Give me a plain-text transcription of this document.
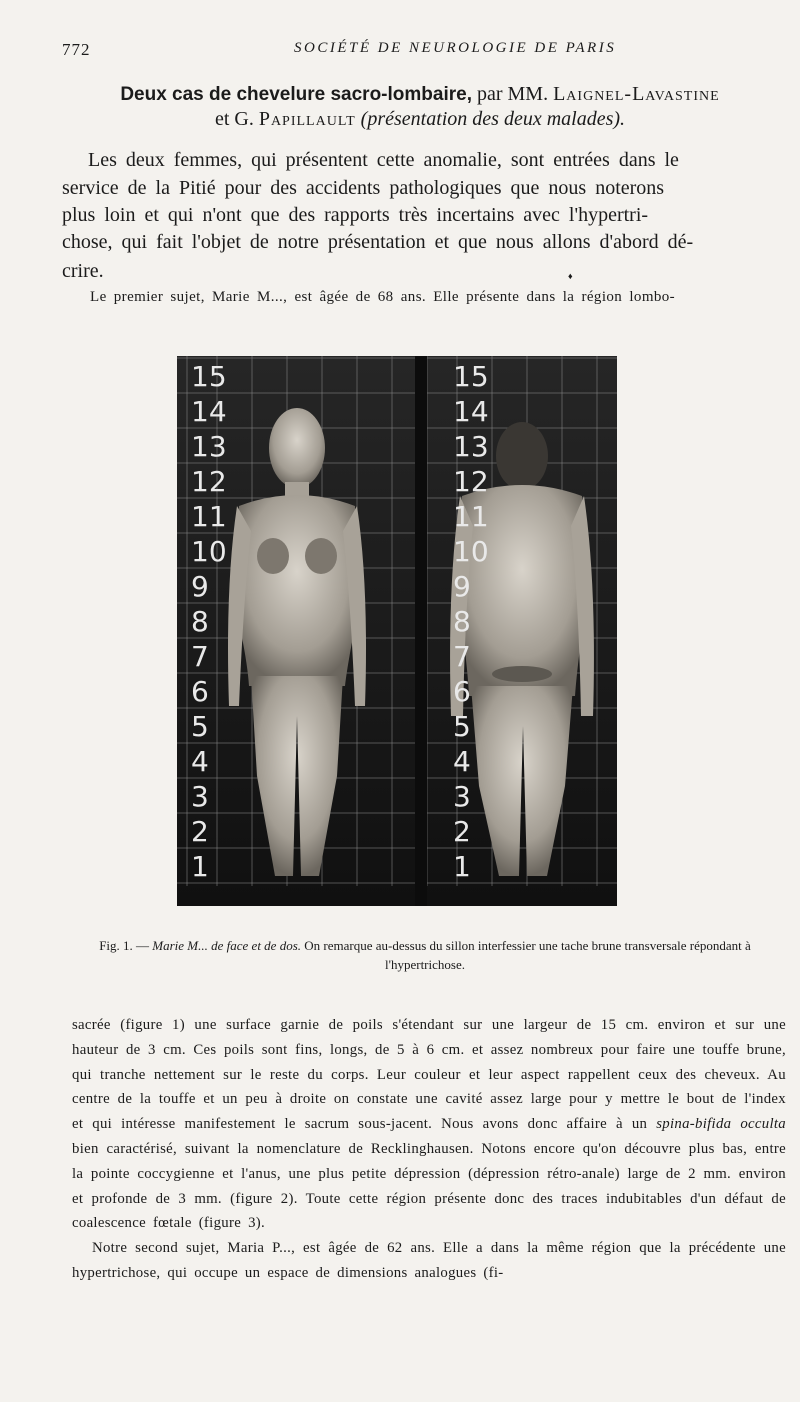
772	SOCIÉTÉ DE NEUROLOGIE DE PARIS
Deux cas de chevelure sacro-lombaire, par MM. Laignel-Lavastine
et G. Papillault (présentation des deux malades).
Les deux femmes, qui présentent cette anomalie, sont entrées dans le
service de la Pitié pour des accidents pathologiques que nous noterons
plus loin et qui n'ont que des rapports très incertains avec l'hypertri-
chose, qui fait l'objet de notre présentation et que nous allons d'abord dé-
crire.	♦
Le premier sujet, Marie M..., est âgée de 68 ans. Elle présente dans la région lombo-
15
14
13
12
11
10
9
8
7
6
5
4
3
2
1
15
14
13
12
11
10
9
8
7
6
5
4
3
2
1
Fig. 1. — Marie M... de face et de dos. On remarque au-dessus du sillon interfessier une tache brune transversale répondant à l'hypertrichose.

sacrée (figure 1) une surface garnie de poils s'étendant sur une largeur de 15 cm. environ et sur une hauteur de 3 cm. Ces poils sont fins, longs, de 5 à 6 cm. et assez nombreux pour faire une touffe brune, qui tranche nettement sur le reste du corps. Leur couleur et leur aspect rappellent ceux des cheveux. Au centre de la touffe et un peu à droite on constate une cavité assez large pour y mettre le bout de l'index et qui intéresse manifestement le sacrum sous-jacent. Nous avons donc affaire à un spina-bifida occulta bien caractérisé, suivant la nomenclature de Recklinghausen. Notons encore qu'on découvre plus bas, entre la pointe coccygienne et l'anus, une plus petite dépression (dépression rétro-anale) large de 2 mm. environ et profonde de 3 mm. (figure 2). Toute cette région présente donc des traces indubitables d'un défaut de coalescence fœtale (figure 3).

Notre second sujet, Maria P..., est âgée de 62 ans. Elle a dans la même région que la précédente une hypertrichose, qui occupe un espace de dimensions analogues (fi-
